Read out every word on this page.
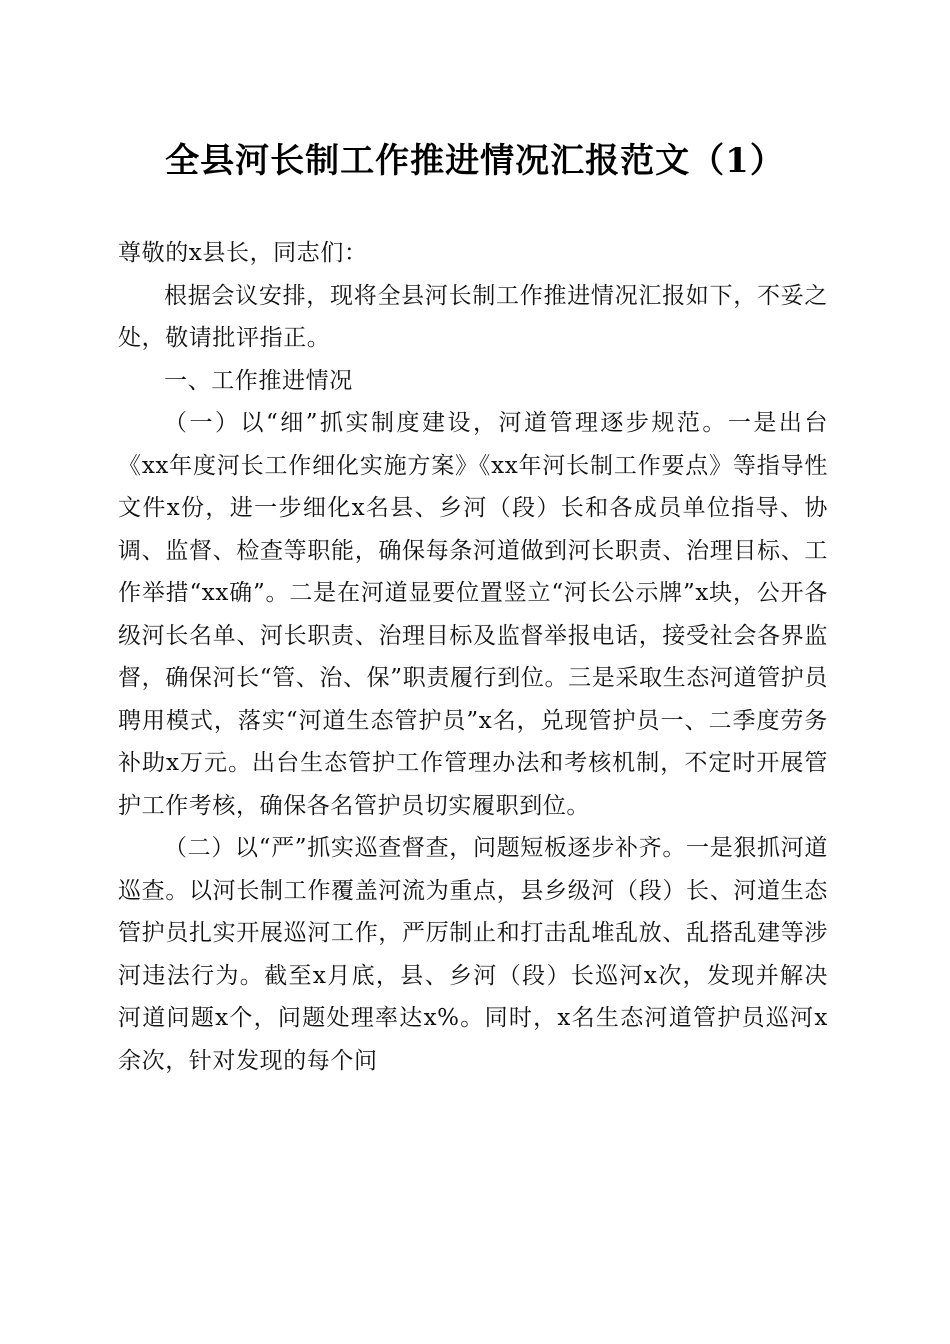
全县河长制工作推进情况汇报范文（1）

尊敬的x县长，同志们：

根据会议安排，现将全县河长制工作推进情况汇报如下，不妥之处，敬请批评指正。

一、工作推进情况

（一）以“细”抓实制度建设，河道管理逐步规范。一是出台《xx年度河长工作细化实施方案》《xx年河长制工作要点》等指导性文件x份，进一步细化x名县、乡河（段）长和各成员单位指导、协调、监督、检查等职能，确保每条河道做到河长职责、治理目标、工作举措“xx确”。二是在河道显要位置竖立“河长公示牌”x块，公开各级河长名单、河长职责、治理目标及监督举报电话，接受社会各界监督，确保河长“管、治、保”职责履行到位。三是采取生态河道管护员聘用模式，落实“河道生态管护员”x名，兑现管护员一、二季度劳务补助x万元。出台生态管护工作管理办法和考核机制，不定时开展管护工作考核，确保各名管护员切实履职到位。

（二）以“严”抓实巡查督查，问题短板逐步补齐。一是狠抓河道巡查。以河长制工作覆盖河流为重点，县乡级河（段）长、河道生态管护员扎实开展巡河工作，严厉制止和打击乱堆乱放、乱搭乱建等涉河违法行为。截至x月底，县、乡河（段）长巡河x次，发现并解决河道问题x个，问题处理率达x%。同时，x名生态河道管护员巡河x余次，针对发现的每个问
